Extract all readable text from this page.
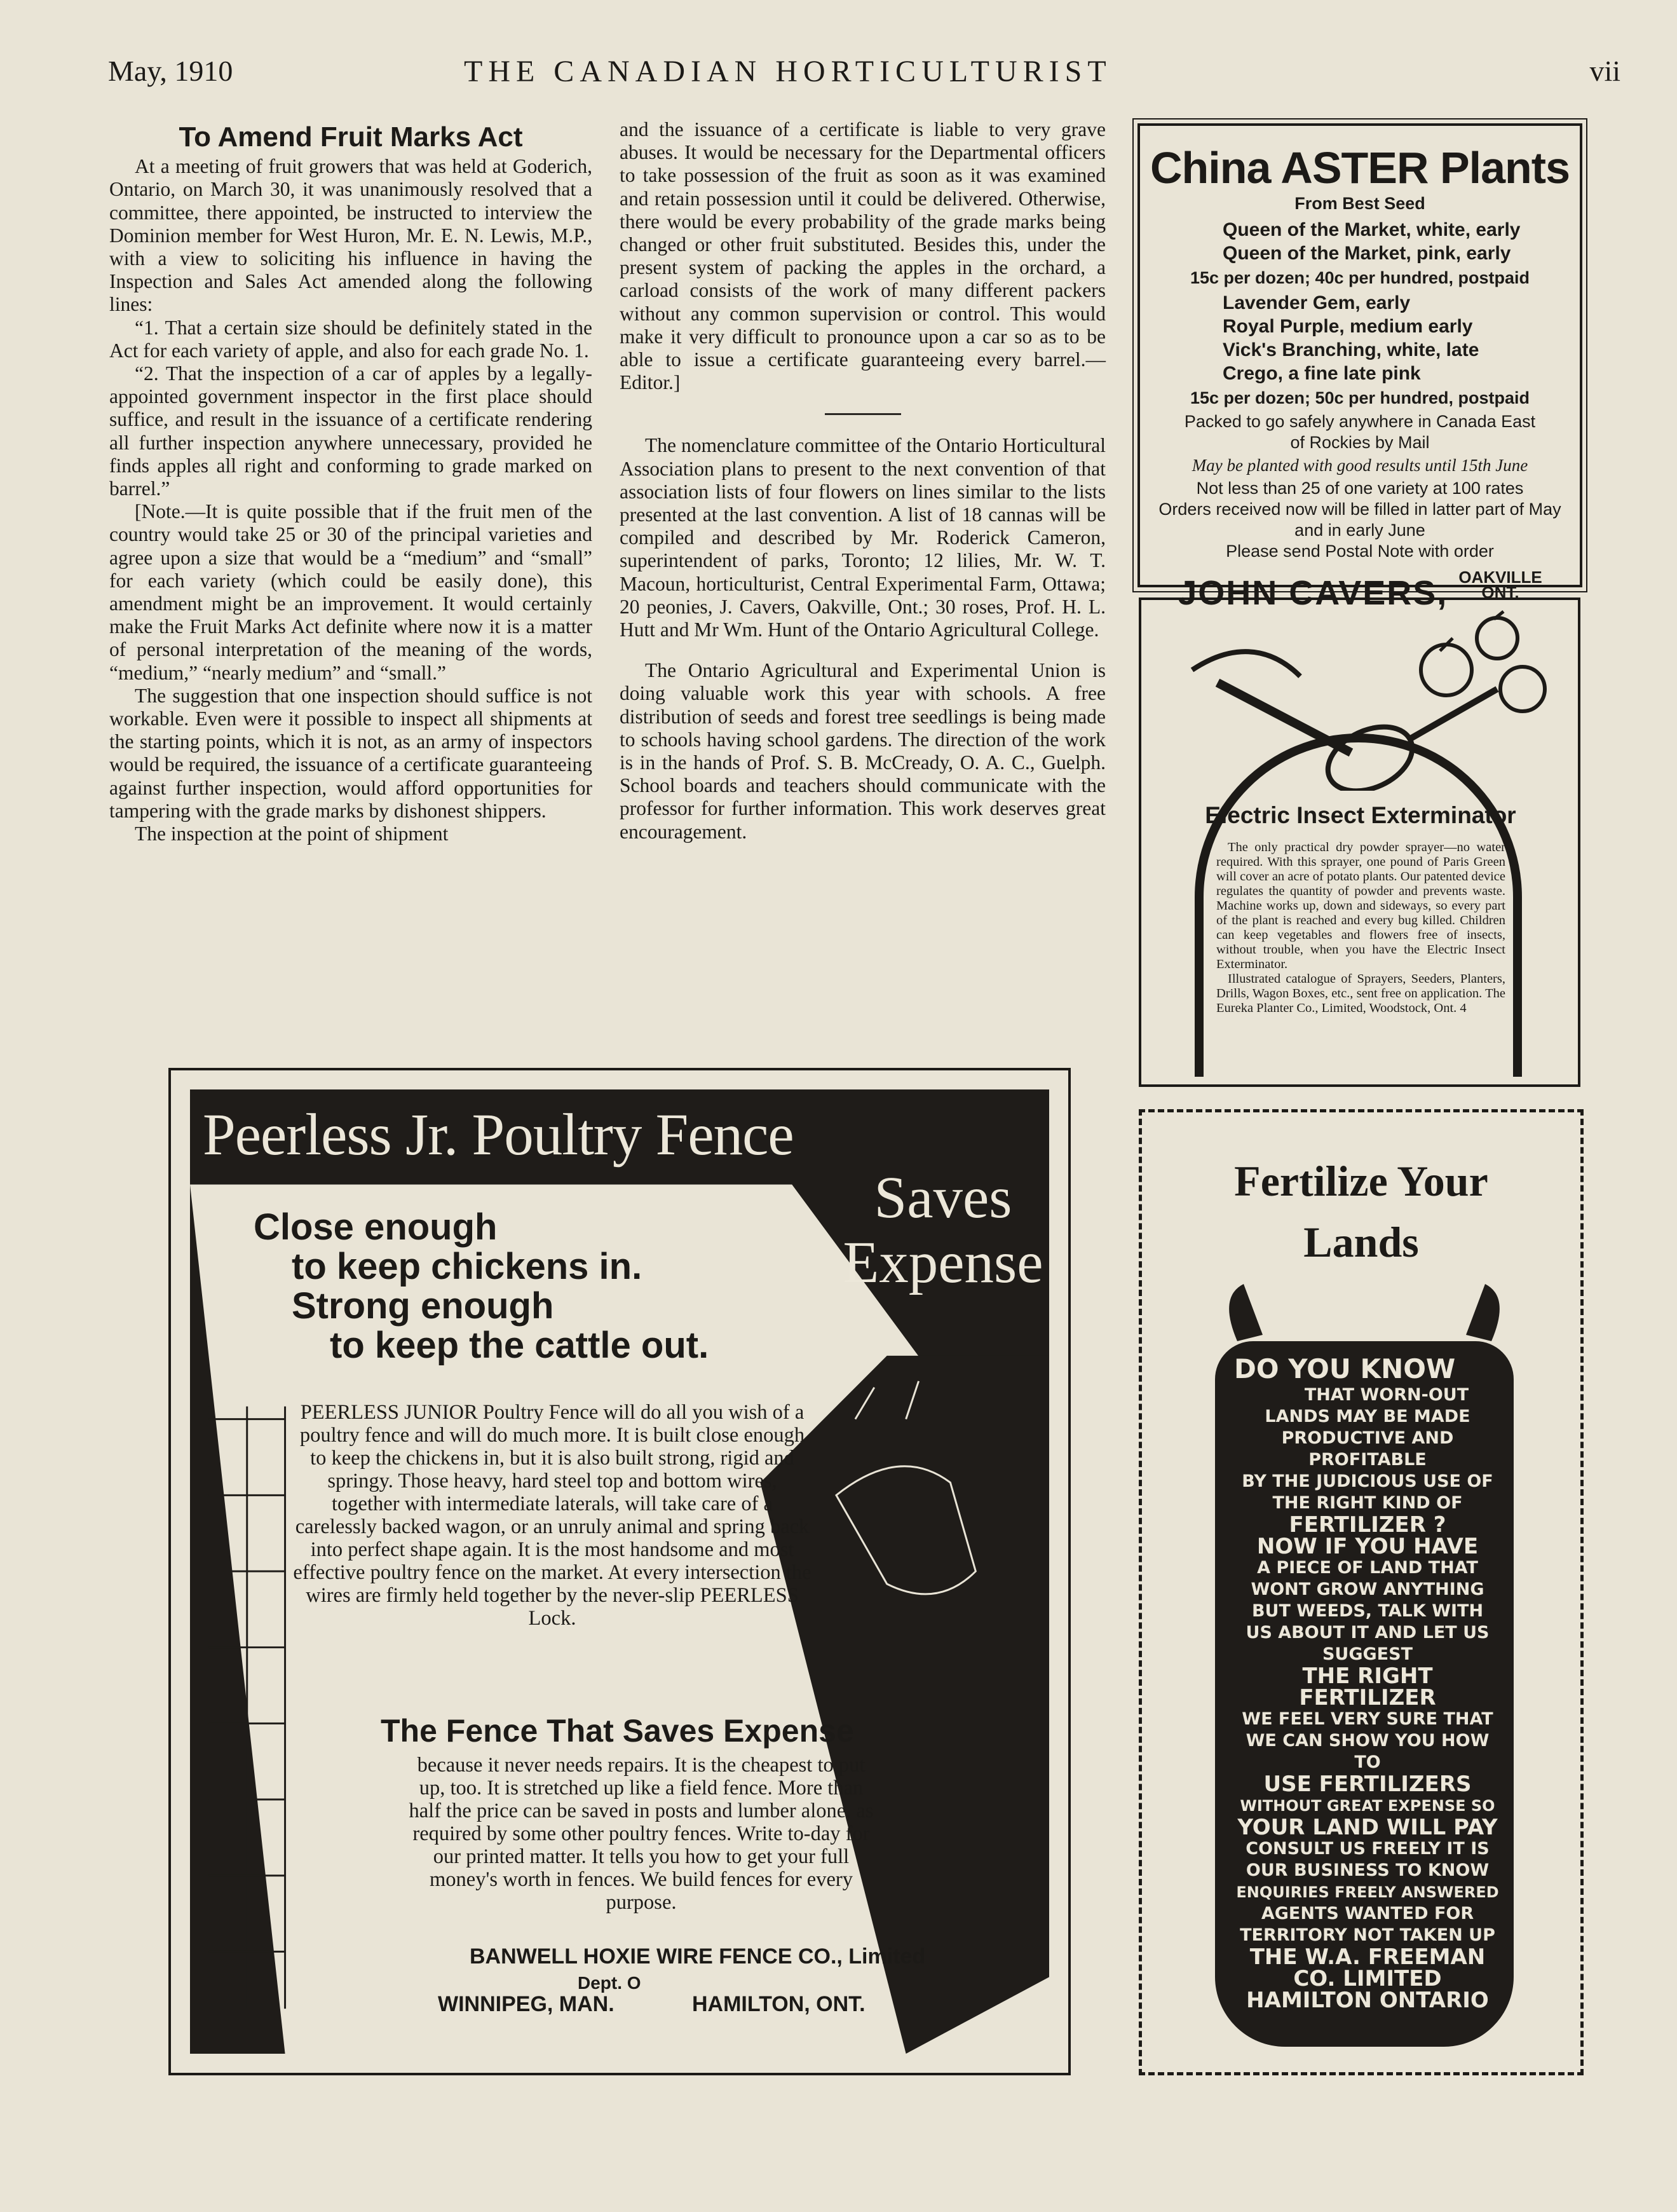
May, 1910	THE CANADIAN HORTICULTURIST	vii
To Amend Fruit Marks Act

At a meeting of fruit growers that was held at Goderich, Ontario, on March 30, it was unanimously resolved that a committee, there appointed, be instructed to interview the Dominion member for West Huron, Mr. E. N. Lewis, M.P., with a view to soliciting his influence in having the Inspection and Sales Act amended along the following lines:

“1. That a certain size should be definitely stated in the Act for each variety of apple, and also for each grade No. 1.

“2. That the inspection of a car of apples by a legally-appointed government inspector in the first place should suffice, and result in the issuance of a certificate rendering all further inspection anywhere unnecessary, provided he finds apples all right and conforming to grade marked on barrel.”

[Note.—It is quite possible that if the fruit men of the country would take 25 or 30 of the principal varieties and agree upon a size that would be a “medium” and “small” for each variety (which could be easily done), this amendment might be an improvement. It would certainly make the Fruit Marks Act definite where now it is a matter of personal interpretation of the meaning of the words, “medium,” “nearly medium” and “small.”

The suggestion that one inspection should suffice is not workable. Even were it possible to inspect all shipments at the starting points, which it is not, as an army of inspectors would be required, the issuance of a certificate guaranteeing against further inspection, would afford opportunities for tampering with the grade marks by dishonest shippers.

The inspection at the point of shipment

and the issuance of a certificate is liable to very grave abuses. It would be necessary for the Departmental officers to take possession of the fruit as soon as it was examined and retain possession until it could be delivered. Otherwise, there would be every probability of the grade marks being changed or other fruit substituted. Besides this, under the present system of packing the apples in the orchard, a carload consists of the work of many different packers without any common supervision or control. This would make it very difficult to pronounce upon a car so as to be able to issue a certificate guaranteeing every barrel.—Editor.]

The nomenclature committee of the Ontario Horticultural Association plans to present to the next convention of that association lists of four flowers on lines similar to the lists presented at the last convention. A list of 18 cannas will be compiled and described by Mr. Roderick Cameron, superintendent of parks, Toronto; 12 lilies, Mr. W. T. Macoun, horticulturist, Central Experimental Farm, Ottawa; 20 peonies, J. Cavers, Oakville, Ont.; 30 roses, Prof. H. L. Hutt and Mr Wm. Hunt of the Ontario Agricultural College.

The Ontario Agricultural and Experimental Union is doing valuable work this year with schools. A free distribution of seeds and forest tree seedlings is being made to schools having school gardens. The direction of the work is in the hands of Prof. S. B. McCready, O. A. C., Guelph. School boards and teachers should communicate with the professor for further information. This work deserves great encouragement.

China ASTER Plants
From Best Seed
Queen of the Market, white, early
Queen of the Market, pink, early
15c per dozen; 40c per hundred, postpaid
Lavender Gem, early
Royal Purple, medium early
Vick's Branching, white, late
Crego, a fine late pink
15c per dozen; 50c per hundred, postpaid
Packed to go safely anywhere in Canada East of Rockies by Mail
May be planted with good results until 15th June
Not less than 25 of one variety at 100 rates
Orders received now will be filled in latter part of May and in early June
Please send Postal Note with order
JOHN CAVERS, OAKVILLE
ONT.
Electric Insect Exterminator

The only practical dry powder sprayer—no water required. With this sprayer, one pound of Paris Green will cover an acre of potato plants. Our patented device regulates the quantity of powder and prevents waste. Machine works up, down and sideways, so every part of the plant is reached and every bug killed. Children can keep vegetables and flowers free of insects, without trouble, when you have the Electric Insect Exterminator.

Illustrated catalogue of Sprayers, Seeders, Planters, Drills, Wagon Boxes, etc., sent free on application. The Eureka Planter Co., Limited, Woodstock, Ont. 4

Peerless Jr. Poultry Fence
Saves
Expense
Close enough
to keep chickens in.
Strong enough
to keep the cattle out.
PEERLESS JUNIOR Poultry Fence will do all you wish of a poultry fence and will do much more. It is built close enough to keep the chickens in, but it is also built strong, rigid and springy. Those heavy, hard steel top and bottom wires, together with intermediate laterals, will take care of a carelessly backed wagon, or an unruly animal and spring back into perfect shape again. It is the most handsome and most effective poultry fence on the market. At every intersection the wires are firmly held together by the never-slip PEERLESS Lock.
The Fence That Saves Expense
because it never needs repairs. It is the cheapest to put up, too. It is stretched up like a field fence. More than half the price can be saved in posts and lumber alone, as required by some other poultry fences. Write to-day for our printed matter. It tells you how to get your full money's worth in fences. We build fences for every purpose.
BANWELL HOXIE WIRE FENCE CO., Limited
Dept. O
WINNIPEG, MAN.	HAMILTON, ONT.
Fertilize Your
Lands
DO YOU KNOW
THAT WORN-OUT
LANDS MAY BE MADE
PRODUCTIVE AND PROFITABLE
BY THE JUDICIOUS USE OF
THE RIGHT KIND OF
FERTILIZER ?
NOW IF YOU HAVE
A PIECE OF LAND THAT
WONT GROW ANYTHING
BUT WEEDS, TALK WITH
US ABOUT IT AND LET US
SUGGEST
THE RIGHT FERTILIZER
WE FEEL VERY SURE THAT
WE CAN SHOW YOU HOW TO
USE FERTILIZERS
WITHOUT GREAT EXPENSE SO
YOUR LAND WILL PAY
CONSULT US FREELY IT IS
OUR BUSINESS TO KNOW
ENQUIRIES FREELY ANSWERED
AGENTS WANTED FOR
TERRITORY NOT TAKEN UP
THE W.A. FREEMAN CO. LIMITED
HAMILTON ONTARIO
